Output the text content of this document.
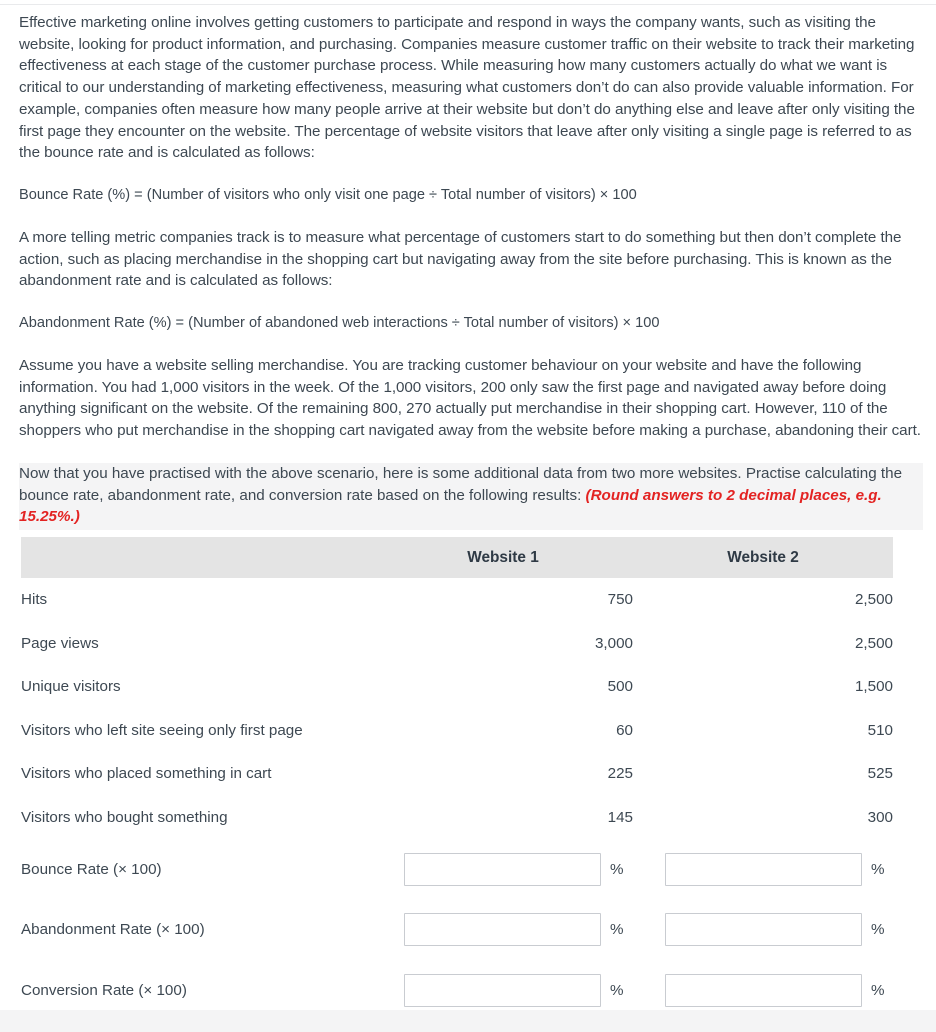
Effective marketing online involves getting customers to participate and respond in ways the company wants, such as visiting the website, looking for product information, and purchasing. Companies measure customer traffic on their website to track their marketing effectiveness at each stage of the customer purchase process. While measuring how many customers actually do what we want is critical to our understanding of marketing effectiveness, measuring what customers don’t do can also provide valuable information. For example, companies often measure how many people arrive at their website but don’t do anything else and leave after only visiting the first page they encounter on the website. The percentage of website visitors that leave after only visiting a single page is referred to as the bounce rate and is calculated as follows:

Bounce Rate (%) = (Number of visitors who only visit one page ÷ Total number of visitors) × 100

A more telling metric companies track is to measure what percentage of customers start to do something but then don’t complete the action, such as placing merchandise in the shopping cart but navigating away from the site before purchasing. This is known as the abandonment rate and is calculated as follows:

Abandonment Rate (%) = (Number of abandoned web interactions ÷ Total number of visitors) × 100

Assume you have a website selling merchandise. You are tracking customer behaviour on your website and have the following information. You had 1,000 visitors in the week. Of the 1,000 visitors, 200 only saw the first page and navigated away before doing anything significant on the website. Of the remaining 800, 270 actually put merchandise in their shopping cart. However, 110 of the shoppers who put merchandise in the shopping cart navigated away from the website before making a purchase, abandoning their cart.

Now that you have practised with the above scenario, here is some additional data from two more websites. Practise calculating the bounce rate, abandonment rate, and conversion rate based on the following results: (Round answers to 2 decimal places, e.g. 15.25%.)

	Website 1	Website 2
Hits	750	2,500
Page views	3,000	2,500
Unique visitors	500	1,500
Visitors who left site seeing only first page	60	510
Visitors who placed something in cart	225	525
Visitors who bought something	145	300
Bounce Rate (× 100)	%	%

Abandonment Rate (× 100)	%	%

Conversion Rate (× 100)	%	%
